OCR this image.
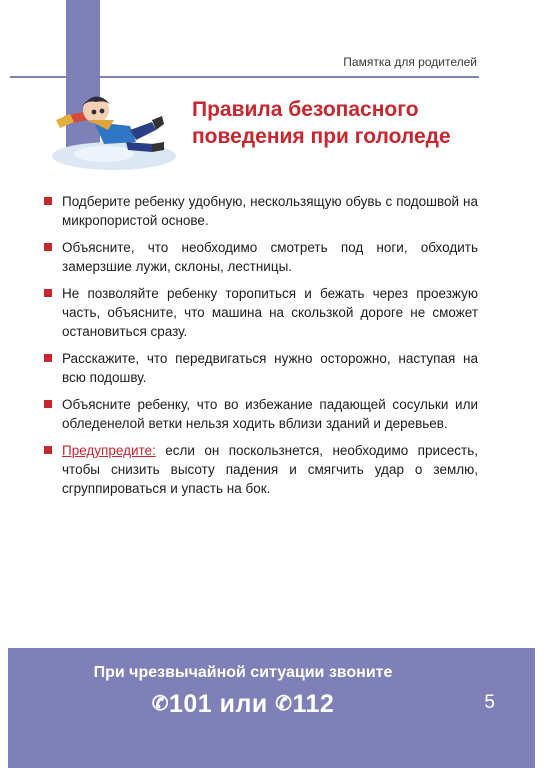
Памятка для родителей
Правила безопасного
поведения при гололеде
Подберите ребенку удобную, нескользящую обувь с подошвой на микропористой основе.
Объясните, что необходимо смотреть под ноги, обходить замерзшие лужи, склоны, лестницы.
Не позволяйте ребенку торопиться и бежать через проезжую часть, объясните, что машина на скользкой дороге не сможет остановиться сразу.
Расскажите, что передвигаться нужно осторожно, наступая на всю подошву.
Объясните ребенку, что во избежание падающей сосульки или обледенелой ветки нельзя ходить вблизи зданий и деревьев.
Предупредите: если он поскользнется, необходимо присесть, чтобы снизить высоту падения и смягчить удар о землю, сгруппироваться и упасть на бок.
При чрезвычайной ситуации звоните
✆101 или ✆112	5
